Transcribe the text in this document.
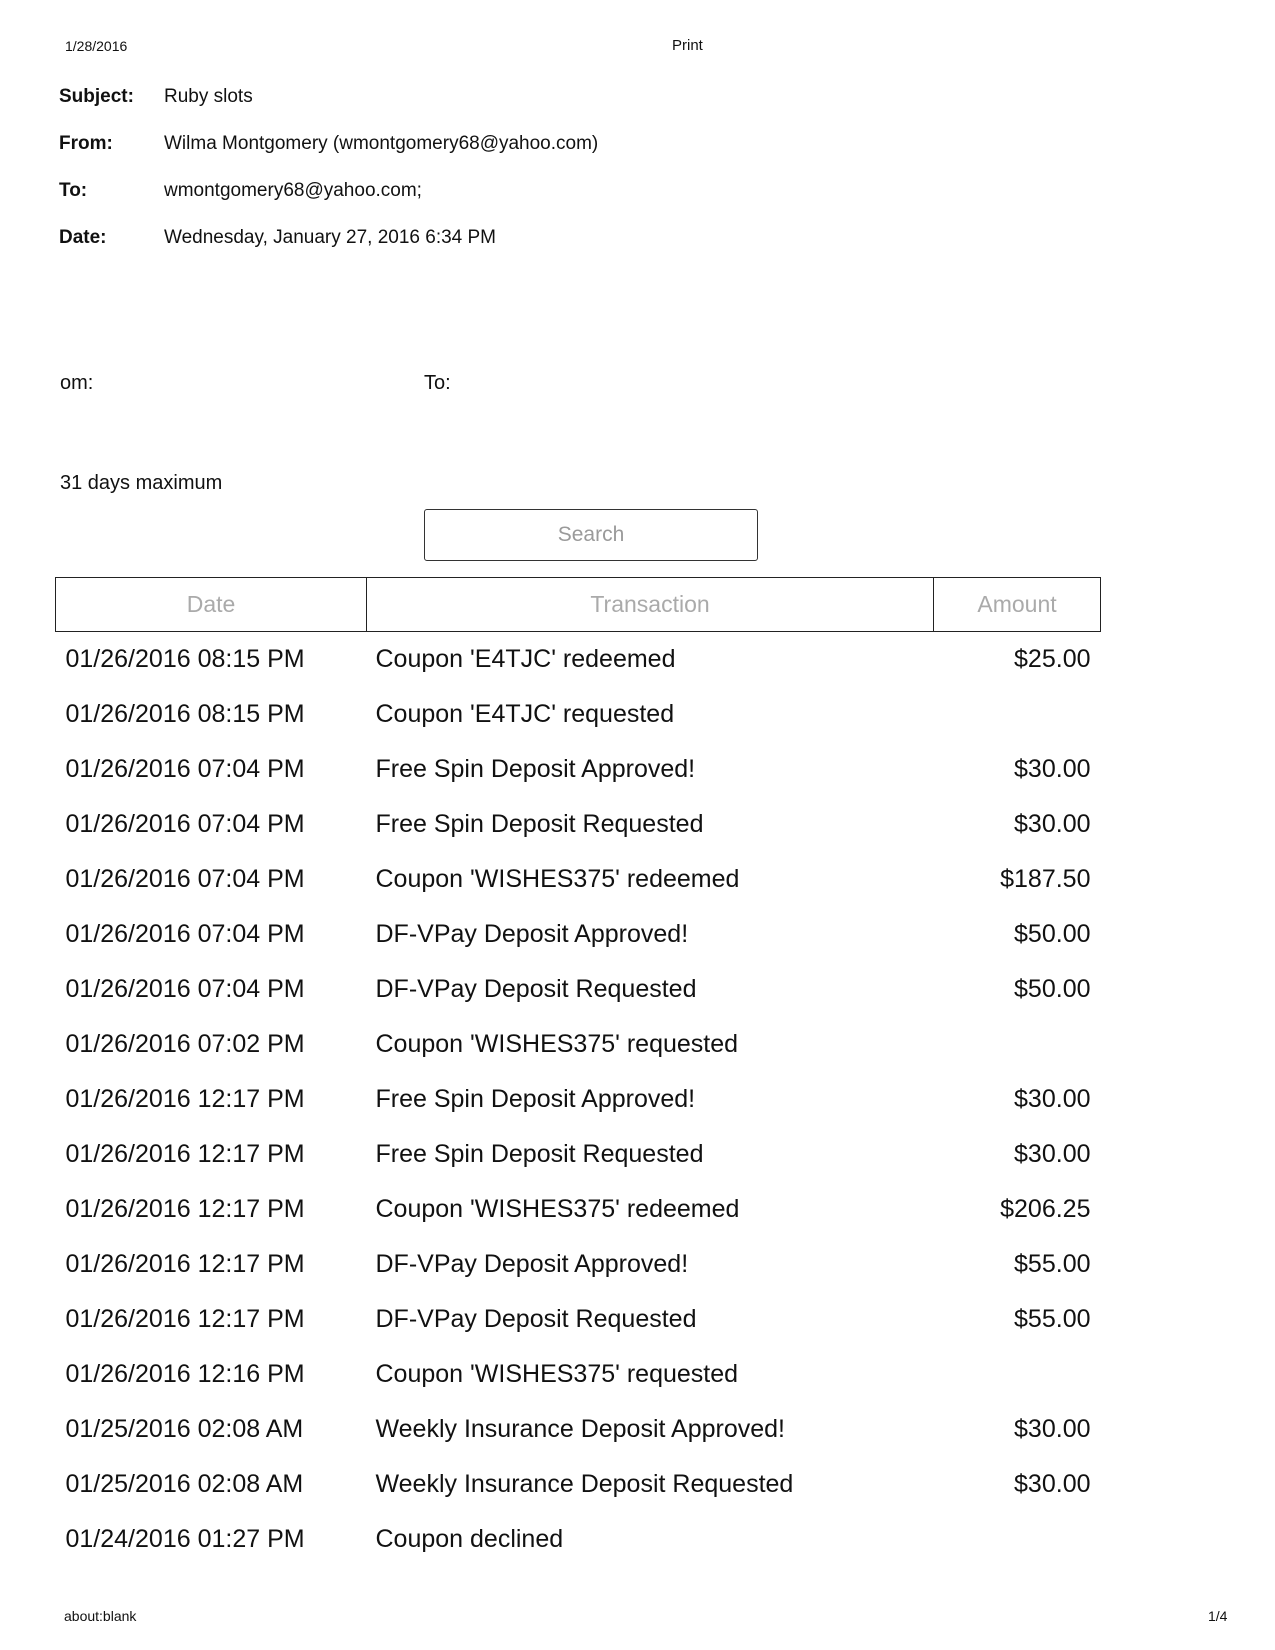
1/28/2016	Print
Subject: Ruby slots
From:	Wilma Montgomery (wmontgomery68@yahoo.com)
To:	wmontgomery68@yahoo.com;
Date:	Wednesday, January 27, 2016 6:34 PM
om:	To:
31 days maximum
Search
Date	Transaction	Amount
01/26/2016 08:15 PM	Coupon 'E4TJC' redeemed	$25.00
01/26/2016 08:15 PM	Coupon 'E4TJC' requested	
01/26/2016 07:04 PM	Free Spin Deposit Approved!	$30.00
01/26/2016 07:04 PM	Free Spin Deposit Requested	$30.00
01/26/2016 07:04 PM	Coupon 'WISHES375' redeemed	$187.50
01/26/2016 07:04 PM	DF-VPay Deposit Approved!	$50.00
01/26/2016 07:04 PM	DF-VPay Deposit Requested	$50.00
01/26/2016 07:02 PM	Coupon 'WISHES375' requested	
01/26/2016 12:17 PM	Free Spin Deposit Approved!	$30.00
01/26/2016 12:17 PM	Free Spin Deposit Requested	$30.00
01/26/2016 12:17 PM	Coupon 'WISHES375' redeemed	$206.25
01/26/2016 12:17 PM	DF-VPay Deposit Approved!	$55.00
01/26/2016 12:17 PM	DF-VPay Deposit Requested	$55.00
01/26/2016 12:16 PM	Coupon 'WISHES375' requested	
01/25/2016 02:08 AM	Weekly Insurance Deposit Approved!	$30.00
01/25/2016 02:08 AM	Weekly Insurance Deposit Requested	$30.00
01/24/2016 01:27 PM	Coupon declined	
about:blank	1/4
